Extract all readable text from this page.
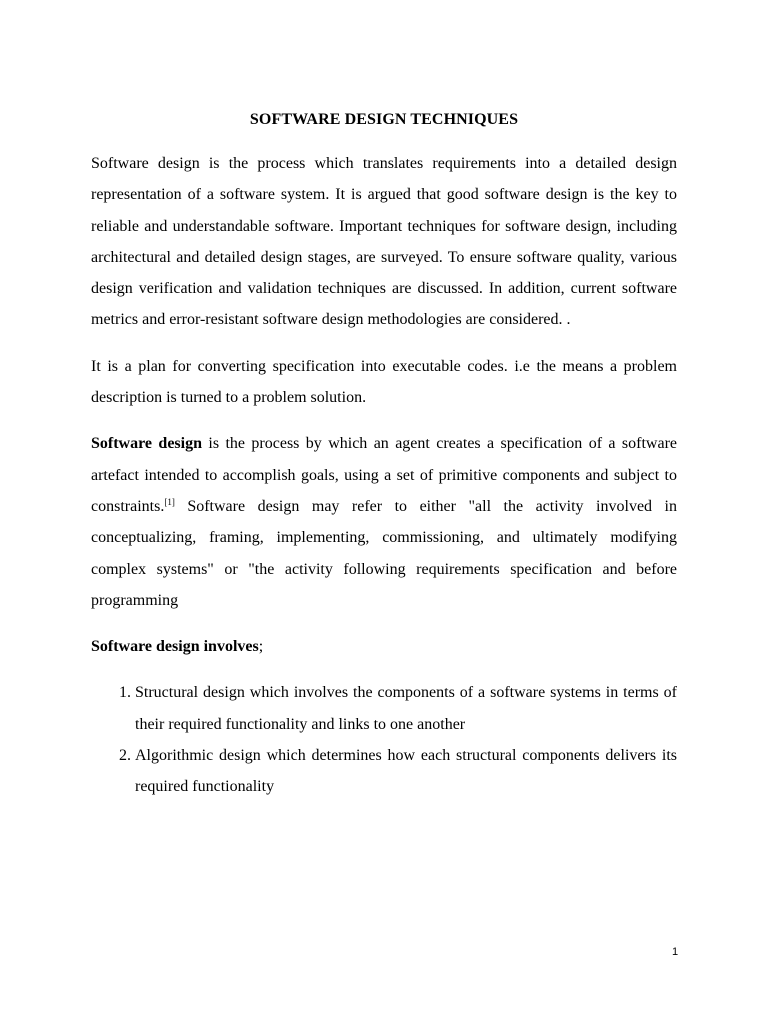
SOFTWARE DESIGN TECHNIQUES

Software design is the process which translates requirements into a detailed design representation of a software system. It is argued that good software design is the key to reliable and understandable software. Important techniques for software design, including architectural and detailed design stages, are surveyed. To ensure software quality, various design verification and validation techniques are discussed. In addition, current software metrics and error-resistant software design methodologies are considered. .

It is a plan for converting specification into executable codes. i.e the means a problem description is turned to a problem solution.

Software design is the process by which an agent creates a specification of a software artefact intended to accomplish goals, using a set of primitive components and subject to constraints.[1] Software design may refer to either "all the activity involved in conceptualizing, framing, implementing, commissioning, and ultimately modifying complex systems" or "the activity following requirements specification and before programming

Software design involves;
1. Structural design which involves the components of a software systems in terms of their required functionality and links to one another
2. Algorithmic design which determines how each structural components delivers its required functionality
1
